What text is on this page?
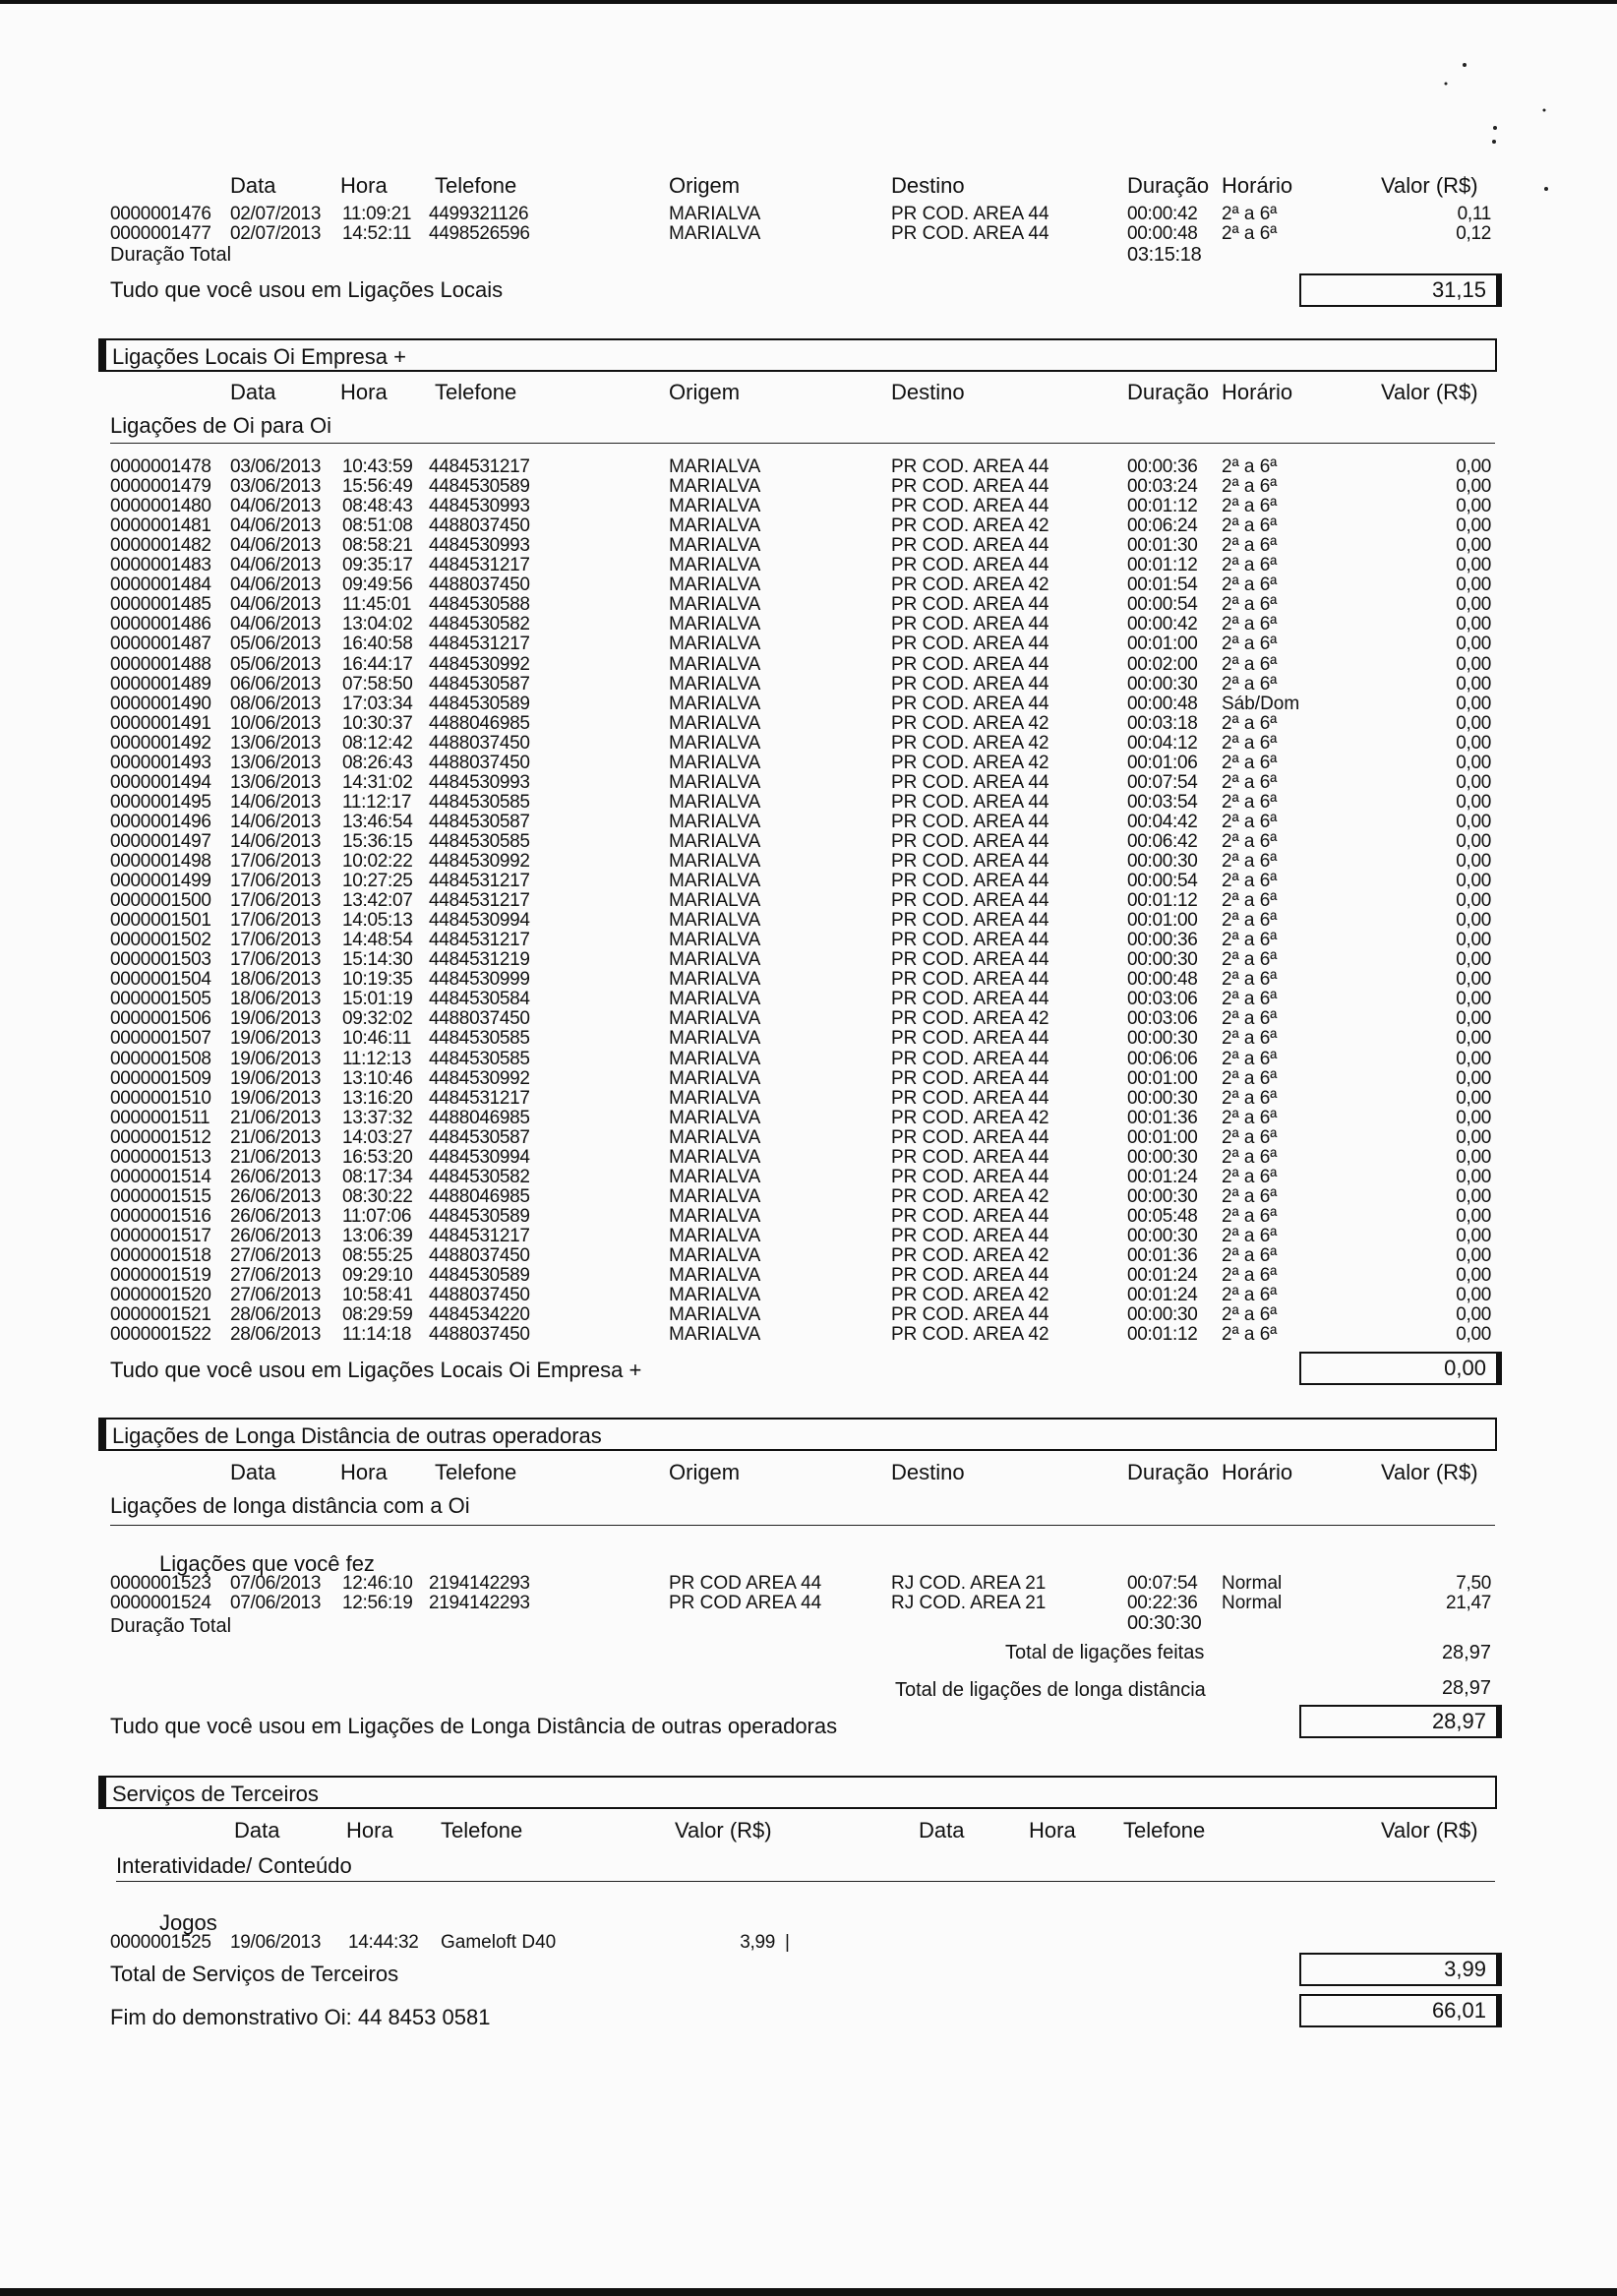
Data	Hora Telefone	Origem	Destino	Duração Horário	Valor (R$)
0000001476 02/07/2013 11:09:21 4499321126	MARIALVA	PR COD. AREA 44	00:00:42 2ª a 6ª	0,11
0000001477 02/07/2013 14:52:11 4498526596	MARIALVA	PR COD. AREA 44	00:00:48 2ª a 6ª	0,12
Duração Total	03:15:18
Tudo que você usou em Ligações Locais	31,15
Ligações Locais Oi Empresa +
Data	Hora Telefone	Origem	Destino	Duração Horário	Valor (R$)
Ligações de Oi para Oi
0000001478 03/06/2013 10:43:59 4484531217	MARIALVA	PR COD. AREA 44	00:00:36 2ª a 6ª	0,00
0000001479 03/06/2013 15:56:49 4484530589	MARIALVA	PR COD. AREA 44	00:03:24 2ª a 6ª	0,00
0000001480 04/06/2013 08:48:43 4484530993	MARIALVA	PR COD. AREA 44	00:01:12 2ª a 6ª	0,00
0000001481 04/06/2013 08:51:08 4488037450	MARIALVA	PR COD. AREA 42	00:06:24 2ª a 6ª	0,00
0000001482 04/06/2013 08:58:21 4484530993	MARIALVA	PR COD. AREA 44	00:01:30 2ª a 6ª	0,00
0000001483 04/06/2013 09:35:17 4484531217	MARIALVA	PR COD. AREA 44	00:01:12 2ª a 6ª	0,00
0000001484 04/06/2013 09:49:56 4488037450	MARIALVA	PR COD. AREA 42	00:01:54 2ª a 6ª	0,00
0000001485 04/06/2013 11:45:01 4484530588	MARIALVA	PR COD. AREA 44	00:00:54 2ª a 6ª	0,00
0000001486 04/06/2013 13:04:02 4484530582	MARIALVA	PR COD. AREA 44	00:00:42 2ª a 6ª	0,00
0000001487 05/06/2013 16:40:58 4484531217	MARIALVA	PR COD. AREA 44	00:01:00 2ª a 6ª	0,00
0000001488 05/06/2013 16:44:17 4484530992	MARIALVA	PR COD. AREA 44	00:02:00 2ª a 6ª	0,00
0000001489 06/06/2013 07:58:50 4484530587	MARIALVA	PR COD. AREA 44	00:00:30 2ª a 6ª	0,00
0000001490 08/06/2013 17:03:34 4484530589	MARIALVA	PR COD. AREA 44	00:00:48 Sáb/Dom	0,00
0000001491 10/06/2013 10:30:37 4488046985	MARIALVA	PR COD. AREA 42	00:03:18 2ª a 6ª	0,00
0000001492 13/06/2013 08:12:42 4488037450	MARIALVA	PR COD. AREA 42	00:04:12 2ª a 6ª	0,00
0000001493 13/06/2013 08:26:43 4488037450	MARIALVA	PR COD. AREA 42	00:01:06 2ª a 6ª	0,00
0000001494 13/06/2013 14:31:02 4484530993	MARIALVA	PR COD. AREA 44	00:07:54 2ª a 6ª	0,00
0000001495 14/06/2013 11:12:17 4484530585	MARIALVA	PR COD. AREA 44	00:03:54 2ª a 6ª	0,00
0000001496 14/06/2013 13:46:54 4484530587	MARIALVA	PR COD. AREA 44	00:04:42 2ª a 6ª	0,00
0000001497 14/06/2013 15:36:15 4484530585	MARIALVA	PR COD. AREA 44	00:06:42 2ª a 6ª	0,00
0000001498 17/06/2013 10:02:22 4484530992	MARIALVA	PR COD. AREA 44	00:00:30 2ª a 6ª	0,00
0000001499 17/06/2013 10:27:25 4484531217	MARIALVA	PR COD. AREA 44	00:00:54 2ª a 6ª	0,00
0000001500 17/06/2013 13:42:07 4484531217	MARIALVA	PR COD. AREA 44	00:01:12 2ª a 6ª	0,00
0000001501 17/06/2013 14:05:13 4484530994	MARIALVA	PR COD. AREA 44	00:01:00 2ª a 6ª	0,00
0000001502 17/06/2013 14:48:54 4484531217	MARIALVA	PR COD. AREA 44	00:00:36 2ª a 6ª	0,00
0000001503 17/06/2013 15:14:30 4484531219	MARIALVA	PR COD. AREA 44	00:00:30 2ª a 6ª	0,00
0000001504 18/06/2013 10:19:35 4484530999	MARIALVA	PR COD. AREA 44	00:00:48 2ª a 6ª	0,00
0000001505 18/06/2013 15:01:19 4484530584	MARIALVA	PR COD. AREA 44	00:03:06 2ª a 6ª	0,00
0000001506 19/06/2013 09:32:02 4488037450	MARIALVA	PR COD. AREA 42	00:03:06 2ª a 6ª	0,00
0000001507 19/06/2013 10:46:11 4484530585	MARIALVA	PR COD. AREA 44	00:00:30 2ª a 6ª	0,00
0000001508 19/06/2013 11:12:13 4484530585	MARIALVA	PR COD. AREA 44	00:06:06 2ª a 6ª	0,00
0000001509 19/06/2013 13:10:46 4484530992	MARIALVA	PR COD. AREA 44	00:01:00 2ª a 6ª	0,00
0000001510 19/06/2013 13:16:20 4484531217	MARIALVA	PR COD. AREA 44	00:00:30 2ª a 6ª	0,00
0000001511 21/06/2013 13:37:32 4488046985	MARIALVA	PR COD. AREA 42	00:01:36 2ª a 6ª	0,00
0000001512 21/06/2013 14:03:27 4484530587	MARIALVA	PR COD. AREA 44	00:01:00 2ª a 6ª	0,00
0000001513 21/06/2013 16:53:20 4484530994	MARIALVA	PR COD. AREA 44	00:00:30 2ª a 6ª	0,00
0000001514 26/06/2013 08:17:34 4484530582	MARIALVA	PR COD. AREA 44	00:01:24 2ª a 6ª	0,00
0000001515 26/06/2013 08:30:22 4488046985	MARIALVA	PR COD. AREA 42	00:00:30 2ª a 6ª	0,00
0000001516 26/06/2013 11:07:06 4484530589	MARIALVA	PR COD. AREA 44	00:05:48 2ª a 6ª	0,00
0000001517 26/06/2013 13:06:39 4484531217	MARIALVA	PR COD. AREA 44	00:00:30 2ª a 6ª	0,00
0000001518 27/06/2013 08:55:25 4488037450	MARIALVA	PR COD. AREA 42	00:01:36 2ª a 6ª	0,00
0000001519 27/06/2013 09:29:10 4484530589	MARIALVA	PR COD. AREA 44	00:01:24 2ª a 6ª	0,00
0000001520 27/06/2013 10:58:41 4488037450	MARIALVA	PR COD. AREA 42	00:01:24 2ª a 6ª	0,00
0000001521 28/06/2013 08:29:59 4484534220	MARIALVA	PR COD. AREA 44	00:00:30 2ª a 6ª	0,00
0000001522 28/06/2013 11:14:18 4488037450	MARIALVA	PR COD. AREA 42	00:01:12 2ª a 6ª	0,00
Tudo que você usou em Ligações Locais Oi Empresa +	0,00
Ligações de Longa Distância de outras operadoras
Data	Hora Telefone	Origem	Destino	Duração Horário	Valor (R$)
Ligações de longa distância com a Oi
Ligações que você fez
0000001523 07/06/2013 12:46:10 2194142293	PR COD AREA 44	RJ COD. AREA 21	00:07:54 Normal	7,50
0000001524 07/06/2013 12:56:19 2194142293	PR COD AREA 44	RJ COD. AREA 21	00:22:36 Normal	21,47
Duração Total	00:30:30
Total de ligações feitas	28,97
Total de ligações de longa distância	28,97
Tudo que você usou em Ligações de Longa Distância de outras operadoras	28,97
Serviços de Terceiros
Data	Hora Telefone	Valor (R$)	Data	Hora Telefone	Valor (R$)
Interatividade/ Conteúdo
Jogos
0000001525 19/06/2013 14:44:32 Gameloft D40	3,99 |
Total de Serviços de Terceiros	3,99
Fim do demonstrativo Oi: 44 8453 0581	66,01
